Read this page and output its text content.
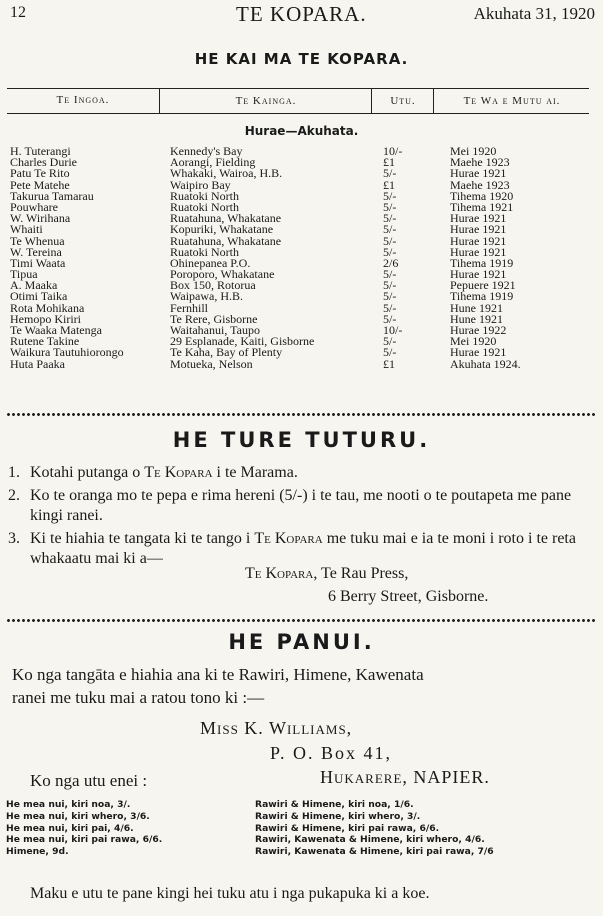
12	TE KOPARA.	Akuhata 31, 1920
HE KAI MA TE KOPARA.
Te Ingoa.	Te Kainga.	Utu.	Te Wa e Mutu ai.
Hurae—Akuhata.
H. Tuterangi	Kennedy's Bay	10/-	Mei 1920
Charles Durie	Aorangi, Fielding	£1	Maehe 1923
Patu Te Rito	Whakaki, Wairoa, H.B.	5/-	Hurae 1921
Pete Matehe	Waipiro Bay	£1	Maehe 1923
Takurua Tamarau	Ruatoki North	5/-	Tihema 1920
Pouwhare	Ruatoki North	5/-	Tihema 1921
W. Wirihana	Ruatahuna, Whakatane	5/-	Hurae 1921
Whaiti	Kopuriki, Whakatane	5/-	Hurae 1921
Te Whenua	Ruatahuna, Whakatane	5/-	Hurae 1921
W. Tereina	Ruatoki North	5/-	Hurae 1921
Timi Waata	Ohinepanea P.O.	2/6	Tihema 1919
Tipua	Poroporo, Whakatane	5/-	Hurae 1921
A. Maaka	Box 150, Rotorua	5/-	Pepuere 1921
Otimi Taika	Waipawa, H.B.	5/-	Tihema 1919
Rota Mohikana	Fernhill	5/-	Hune 1921
Hemopo Kiriri	Te Rere, Gisborne	5/-	Hune 1921
Te Waaka Matenga	Waitahanui, Taupo	10/-	Hurae 1922
Rutene Takine	29 Esplanade, Kaiti, Gisborne	5/-	Mei 1920
Waikura Tautuhiorongo	Te Kaha, Bay of Plenty	5/-	Hurae 1921
Huta Paaka	Motueka, Nelson	£1	Akuhata 1924.
HE TURE TUTURU.
1. Kotahi putanga o Te Kopara i te Marama.
2. Ko te oranga mo te pepa e rima hereni (5/-) i te tau, me nooti o te poutapeta me pane kingi ranei.
3. Ki te hiahia te tangata ki te tango i Te Kopara me tuku mai e ia te moni i roto i te reta whakaatu mai ki a—
Te Kopara, Te Rau Press,
6 Berry Street, Gisborne.
HE PANUI.
Ko nga tangāta e hiahia ana ki te Rawiri, Himene, Kawenata
ranei me tuku mai a ratou tono ki :—
Miss K. Williams,
P. O. Box 41,
Hukarere, NAPIER.
Ko nga utu enei :
He mea nui, kiri noa, 3/.
He mea nui, kiri whero, 3/6.
He mea nui, kiri pai, 4/6.
He mea nui, kiri pai rawa, 6/6.
Himene, 9d.
Rawiri & Himene, kiri noa, 1/6.
Rawiri & Himene, kiri whero, 3/.
Rawiri & Himene, kiri pai rawa, 6/6.
Rawiri, Kawenata & Himene, kiri whero, 4/6.
Rawiri, Kawenata & Himene, kiri pai rawa, 7/6
Maku e utu te pane kingi hei tuku atu i nga pukapuka ki a koe.
